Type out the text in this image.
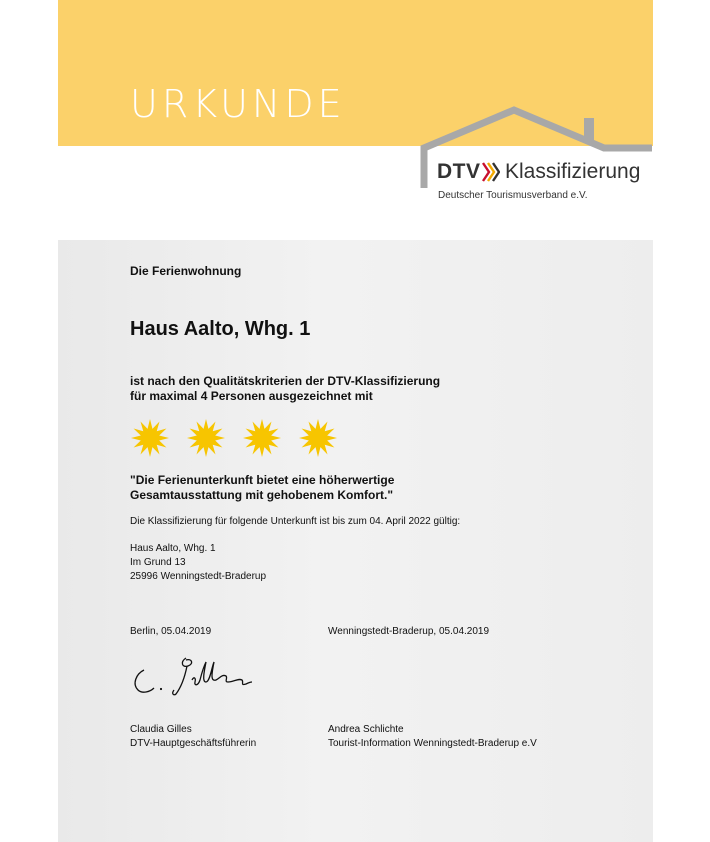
URKUNDE
DTV Klassifizierung
Deutscher Tourismusverband e.V.
Die Ferienwohnung
Haus Aalto, Whg. 1
ist nach den Qualitätskriterien der DTV-Klassifizierung
für maximal 4 Personen ausgezeichnet mit
"Die Ferienunterkunft bietet eine höherwertige
Gesamtausstattung mit gehobenem Komfort."
Die Klassifizierung für folgende Unterkunft ist bis zum 04. April 2022 gültig:
Haus Aalto, Whg. 1
Im Grund 13
25996 Wenningstedt-Braderup
Berlin, 05.04.2019	Wenningstedt-Braderup, 05.04.2019
Claudia Gilles
DTV-Hauptgeschäftsführerin
Andrea Schlichte
Tourist-Information Wenningstedt-Braderup e.V
